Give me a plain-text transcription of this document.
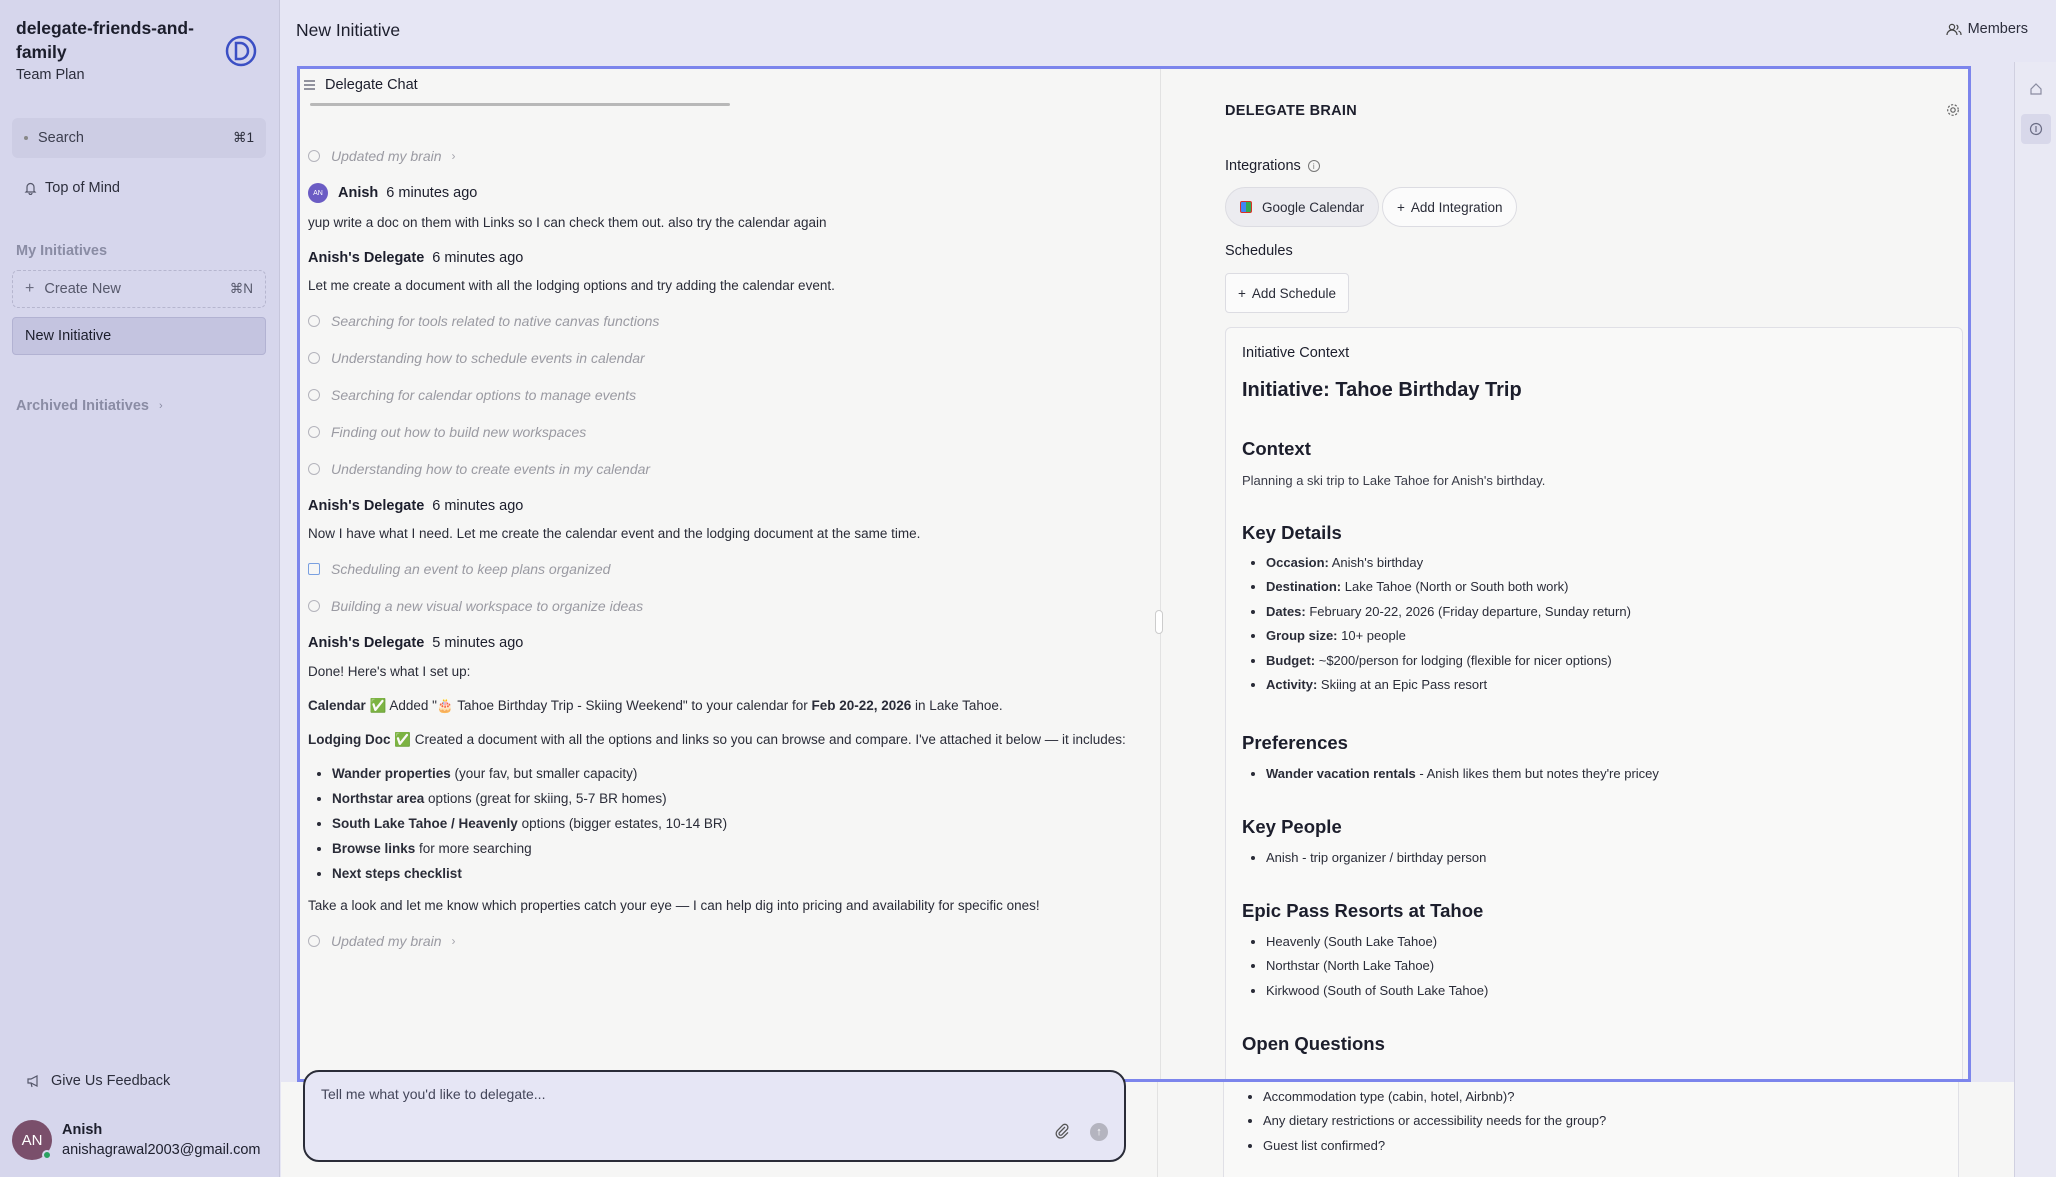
delegate-friends-and-family
Team Plan
Search	⌘1
Top of Mind
My Initiatives
+ Create New	⌘N
New Initiative
Archived Initiatives ›
Give Us Feedback
AN
Anish
anishagrawal2003@gmail.com
New Initiative	Members
•
• Accommodation type (cabin, hotel, Airbnb)?
• Any dietary restrictions or accessibility needs for the group?
• Guest list confirmed?
Delegate Chat
Updated my brain ›
AN	Anish 6 minutes ago
yup write a doc on them with Links so I can check them out. also try the calendar again
Anish's Delegate 6 minutes ago
Let me create a document with all the lodging options and try adding the calendar event.
Searching for tools related to native canvas functions
Understanding how to schedule events in calendar
Searching for calendar options to manage events
Finding out how to build new workspaces
Understanding how to create events in my calendar
Anish's Delegate 6 minutes ago
Now I have what I need. Let me create the calendar event and the lodging document at the same time.
Scheduling an event to keep plans organized
Building a new visual workspace to organize ideas
Anish's Delegate 5 minutes ago
Done! Here's what I set up:
Calendar ✅ Added "🎂 Tahoe Birthday Trip - Skiing Weekend" to your calendar for Feb 20-22, 2026 in Lake Tahoe.
Lodging Doc ✅ Created a document with all the options and links so you can browse and compare. I've attached it below — it includes:
• Wander properties (your fav, but smaller capacity)
• Northstar area options (great for skiing, 5-7 BR homes)
• South Lake Tahoe / Heavenly options (bigger estates, 10-14 BR)
• Browse links for more searching
• Next steps checklist
Take a look and let me know which properties catch your eye — I can help dig into pricing and availability for specific ones!
Updated my brain ›
DELEGATE BRAIN
Integrations	i
Google Calendar + Add Integration
Schedules
+ Add Schedule
Initiative Context
Initiative: Tahoe Birthday Trip
Context
Planning a ski trip to Lake Tahoe for Anish's birthday.
Key Details
• Occasion: Anish's birthday
• Destination: Lake Tahoe (North or South both work)
• Dates: February 20-22, 2026 (Friday departure, Sunday return)
• Group size: 10+ people
• Budget: ~$200/person for lodging (flexible for nicer options)
• Activity: Skiing at an Epic Pass resort
Preferences
• Wander vacation rentals - Anish likes them but notes they're pricey
Key People
• Anish - trip organizer / birthday person
Epic Pass Resorts at Tahoe
• Heavenly (South Lake Tahoe)
• Northstar (North Lake Tahoe)
• Kirkwood (South of South Lake Tahoe)
Open Questions
Tell me what you'd like to delegate...
↑
